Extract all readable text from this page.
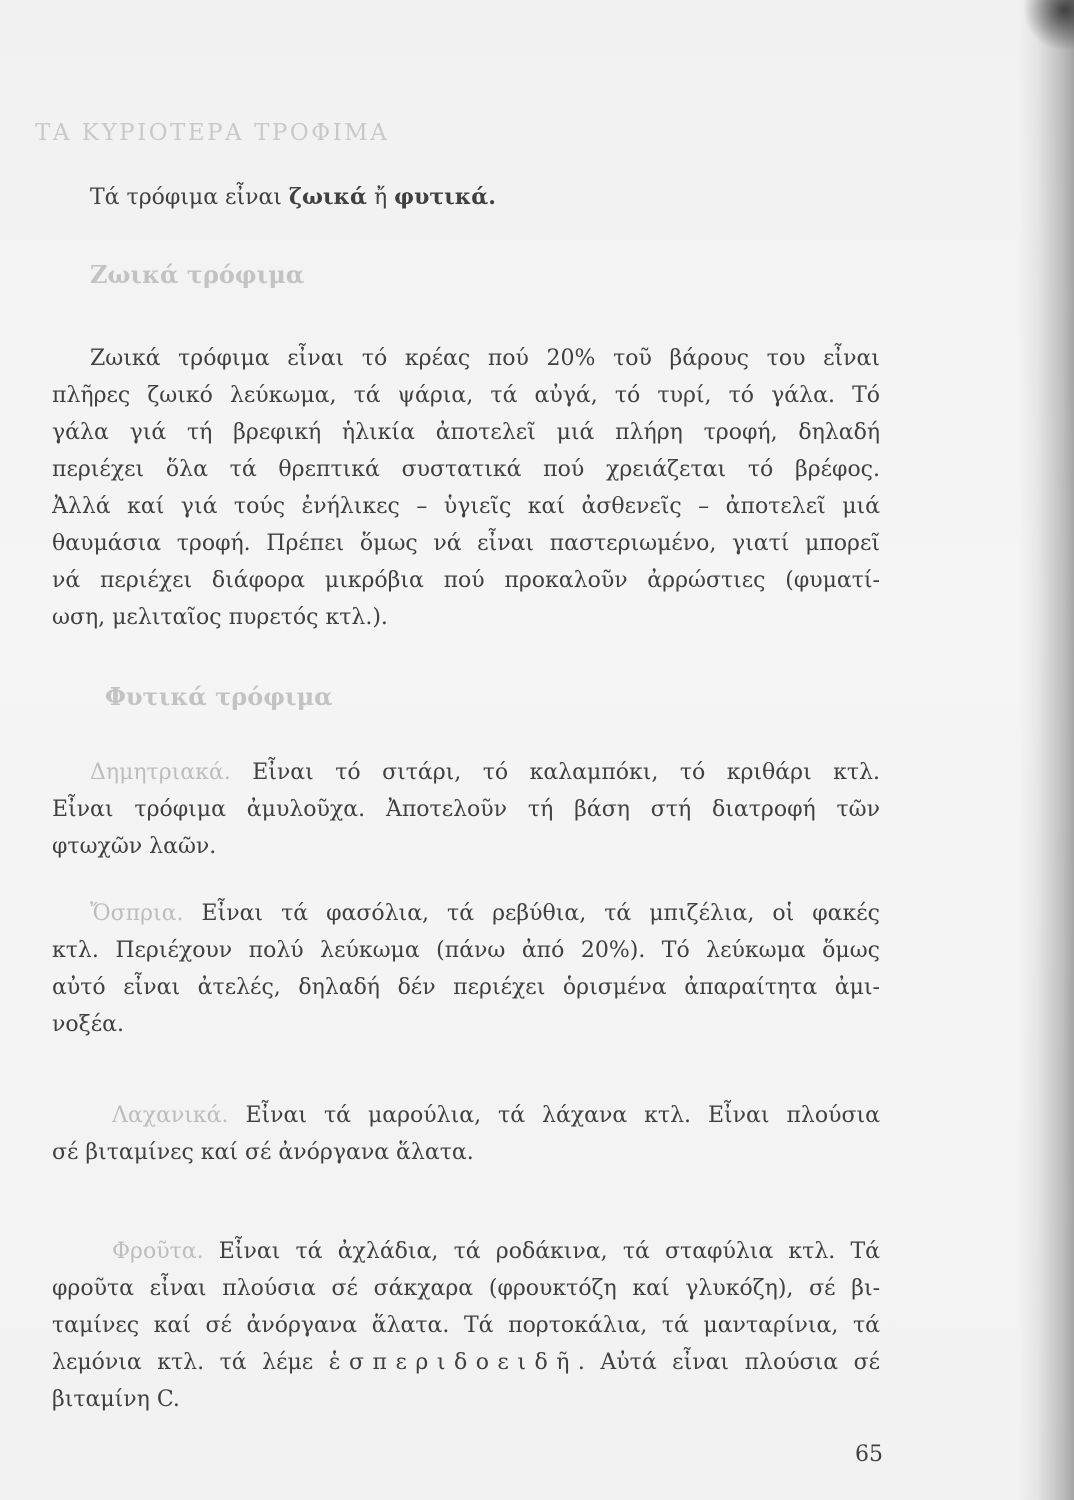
ΤΑ ΚΥΡΙΟΤΕΡΑ ΤΡΟΦΙΜΑ
Τά τρόφιμα εἶναι ζωικά ἤ φυτικά.
Ζωικά τρόφιμα
Ζωικά τρόφιμα εἶναι τό κρέας πού 20% τοῦ βάρους του εἶναι
πλῆρες ζωικό λεύκωμα, τά ψάρια, τά αὐγά, τό τυρί, τό γάλα. Τό
γάλα γιά τή βρεφική ἡλικία ἀποτελεῖ μιά πλήρη τροφή, δηλαδή
περιέχει ὅλα τά θρεπτικά συστατικά πού χρειάζεται τό βρέφος.
Ἀλλά καί γιά τούς ἐνήλικες – ὑγιεῖς καί ἀσθενεῖς – ἀποτελεῖ μιά
θαυμάσια τροφή. Πρέπει ὅμως νά εἶναι παστεριωμένο, γιατί μπορεῖ
νά περιέχει διάφορα μικρόβια πού προκαλοῦν ἀρρώστιες (φυματί-
ωση, μελιταῖος πυρετός κτλ.).
Φυτικά τρόφιμα
Δημητριακά. Εἶναι τό σιτάρι, τό καλαμπόκι, τό κριθάρι κτλ.
Εἶναι τρόφιμα ἀμυλοῦχα. Ἀποτελοῦν τή βάση στή διατροφή τῶν
φτωχῶν λαῶν.
Ὄσπρια. Εἶναι τά φασόλια, τά ρεβύθια, τά μπιζέλια, οἱ φακές
κτλ. Περιέχουν πολύ λεύκωμα (πάνω ἀπό 20%). Τό λεύκωμα ὅμως
αὐτό εἶναι ἀτελές, δηλαδή δέν περιέχει ὁρισμένα ἀπαραίτητα ἀμι-
νοξέα.
Λαχανικά. Εἶναι τά μαρούλια, τά λάχανα κτλ. Εἶναι πλούσια
σέ βιταμίνες καί σέ ἀνόργανα ἅλατα.
Φροῦτα. Εἶναι τά ἀχλάδια, τά ροδάκινα, τά σταφύλια κτλ. Τά
φροῦτα εἶναι πλούσια σέ σάκχαρα (φρουκτόζη καί γλυκόζη), σέ βι-
ταμίνες καί σέ ἀνόργανα ἅλατα. Τά πορτοκάλια, τά μανταρίνια, τά
λεμόνια κτλ. τά λέμε ἑσπεριδοειδῆ. Αὐτά εἶναι πλούσια σέ
βιταμίνη C.
65
